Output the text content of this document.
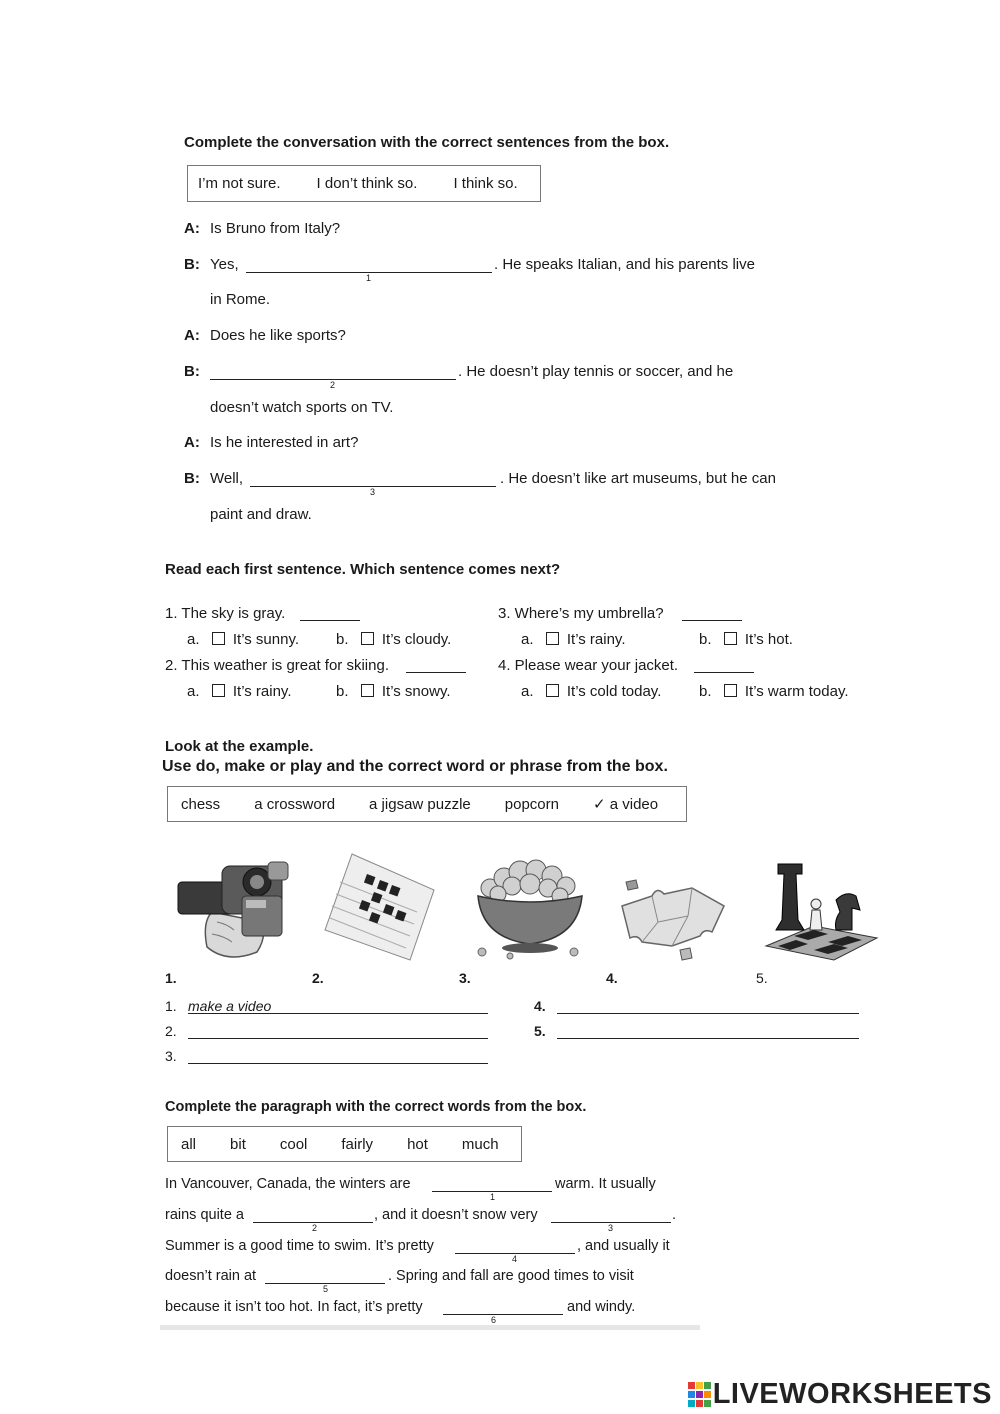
Complete the conversation with the correct sentences from the box.
I’m not sure. I don’t think so. I think so.
A: Is Bruno from Italy?
B: Yes,
1
. He speaks Italian, and his parents live
in Rome.
A: Does he like sports?
B:
2
. He doesn’t play tennis or soccer, and he
doesn’t watch sports on TV.
A: Is he interested in art?
B: Well,
3
. He doesn’t like art museums, but he can
paint and draw.
Read each first sentence. Which sentence comes next?
1. The sky is gray.
a. It’s sunny. b. It’s cloudy.
2. This weather is great for skiing.
a. It’s rainy.	b. It’s snowy.
3. Where’s my umbrella?
a. It’s rainy.	b. It’s hot.
4. Please wear your jacket.
a. It’s cold today.	b. It’s warm today.
Look at the example.
Use do, make or play and the correct word or phrase from the box.
chess a crossword a jigsaw puzzle popcorn ✓ a video
1.	2.	3.	4.	5.
1. make a video
2.
3.
4.
5.
Complete the paragraph with the correct words from the box.
all bit cool fairly hot much
In Vancouver, Canada, the winters are
1
warm. It usually
rains quite a
2
, and it doesn’t snow very
3
.
Summer is a good time to swim. It’s pretty
4
, and usually it
doesn’t rain at
5
. Spring and fall are good times to visit
because it isn’t too hot. In fact, it’s pretty
6
and windy.
LIVEWORKSHEETS
